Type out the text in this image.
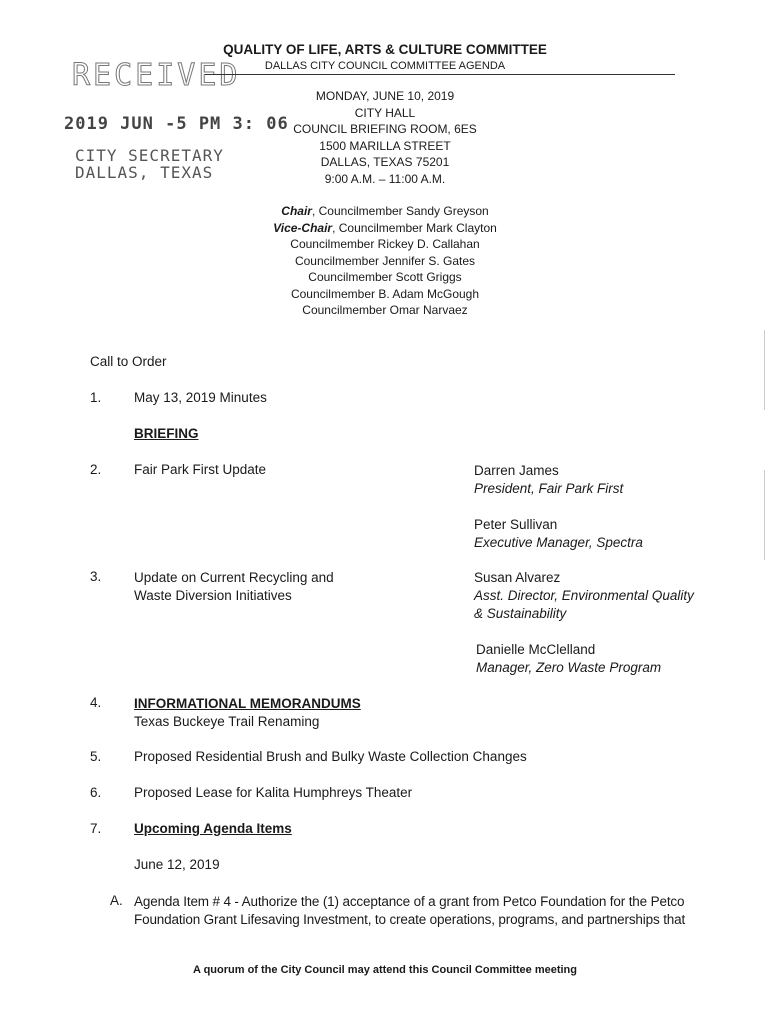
RECEIVED
2019 JUN -5 PM 3: 06
CITY SECRETARY
DALLAS, TEXAS
QUALITY OF LIFE, ARTS & CULTURE COMMITTEE
DALLAS CITY COUNCIL COMMITTEE AGENDA
MONDAY, JUNE 10, 2019
CITY HALL
COUNCIL BRIEFING ROOM, 6ES
1500 MARILLA STREET
DALLAS, TEXAS 75201
9:00 A.M. – 11:00 A.M.
Chair, Councilmember Sandy Greyson
Vice-Chair, Councilmember Mark Clayton
Councilmember Rickey D. Callahan
Councilmember Jennifer S. Gates
Councilmember Scott Griggs
Councilmember B. Adam McGough
Councilmember Omar Narvaez
Call to Order
1. May 13, 2019 Minutes
BRIEFING
2. Fair Park First Update	Darren James
President, Fair Park First
Peter Sullivan
Executive Manager, Spectra
3. Update on Current Recycling and
Waste Diversion Initiatives
Susan Alvarez
Asst. Director, Environmental Quality
& Sustainability
Danielle McClelland
Manager, Zero Waste Program
4. INFORMATIONAL MEMORANDUMS
Texas Buckeye Trail Renaming
5. Proposed Residential Brush and Bulky Waste Collection Changes
6. Proposed Lease for Kalita Humphreys Theater
7. Upcoming Agenda Items
June 12, 2019
A. Agenda Item # 4 - Authorize the (1) acceptance of a grant from Petco Foundation for the Petco
Foundation Grant Lifesaving Investment, to create operations, programs, and partnerships that
A quorum of the City Council may attend this Council Committee meeting
